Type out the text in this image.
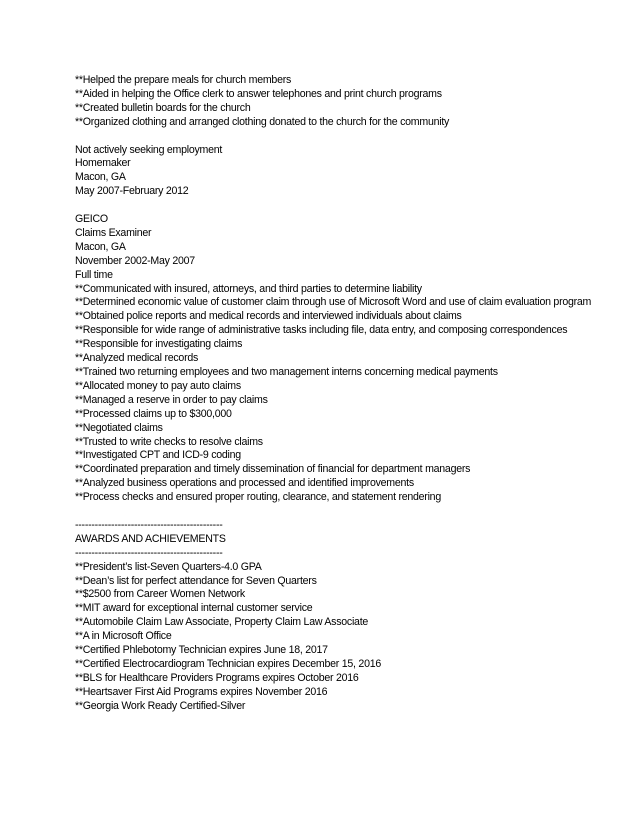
**Helped the prepare meals for church members
**Aided in helping the Office clerk to answer telephones and print church programs
**Created bulletin boards for the church
**Organized clothing and arranged clothing donated to the church for the community
Not actively seeking employment
Homemaker
Macon, GA
May 2007-February 2012
GEICO
Claims Examiner
Macon, GA
November 2002-May 2007
Full time
**Communicated with insured, attorneys, and third parties to determine liability
**Determined economic value of customer claim through use of Microsoft Word and use of claim evaluation program
**Obtained police reports and medical records and interviewed individuals about claims
**Responsible for wide range of administrative tasks including file, data entry, and composing correspondences
**Responsible for investigating claims
**Analyzed medical records
**Trained two returning employees and two management interns concerning medical payments
**Allocated money to pay auto claims
**Managed a reserve in order to pay claims
**Processed claims up to $300,000
**Negotiated claims
**Trusted to write checks to resolve claims
**Investigated CPT and ICD-9 coding
**Coordinated preparation and timely dissemination of financial for department managers
**Analyzed business operations and processed and identified improvements
**Process checks and ensured proper routing, clearance, and statement rendering
---------------------------------------------
AWARDS AND ACHIEVEMENTS
---------------------------------------------
**President’s list-Seven Quarters-4.0 GPA
**Dean’s list for perfect attendance for Seven Quarters
**$2500 from Career Women Network
**MIT award for exceptional internal customer service
**Automobile Claim Law Associate, Property Claim Law Associate
**A in Microsoft Office
**Certified Phlebotomy Technician expires June 18, 2017
**Certified Electrocardiogram Technician expires December 15, 2016
**BLS for Healthcare Providers Programs expires October 2016
**Heartsaver First Aid Programs expires November 2016
**Georgia Work Ready Certified-Silver
